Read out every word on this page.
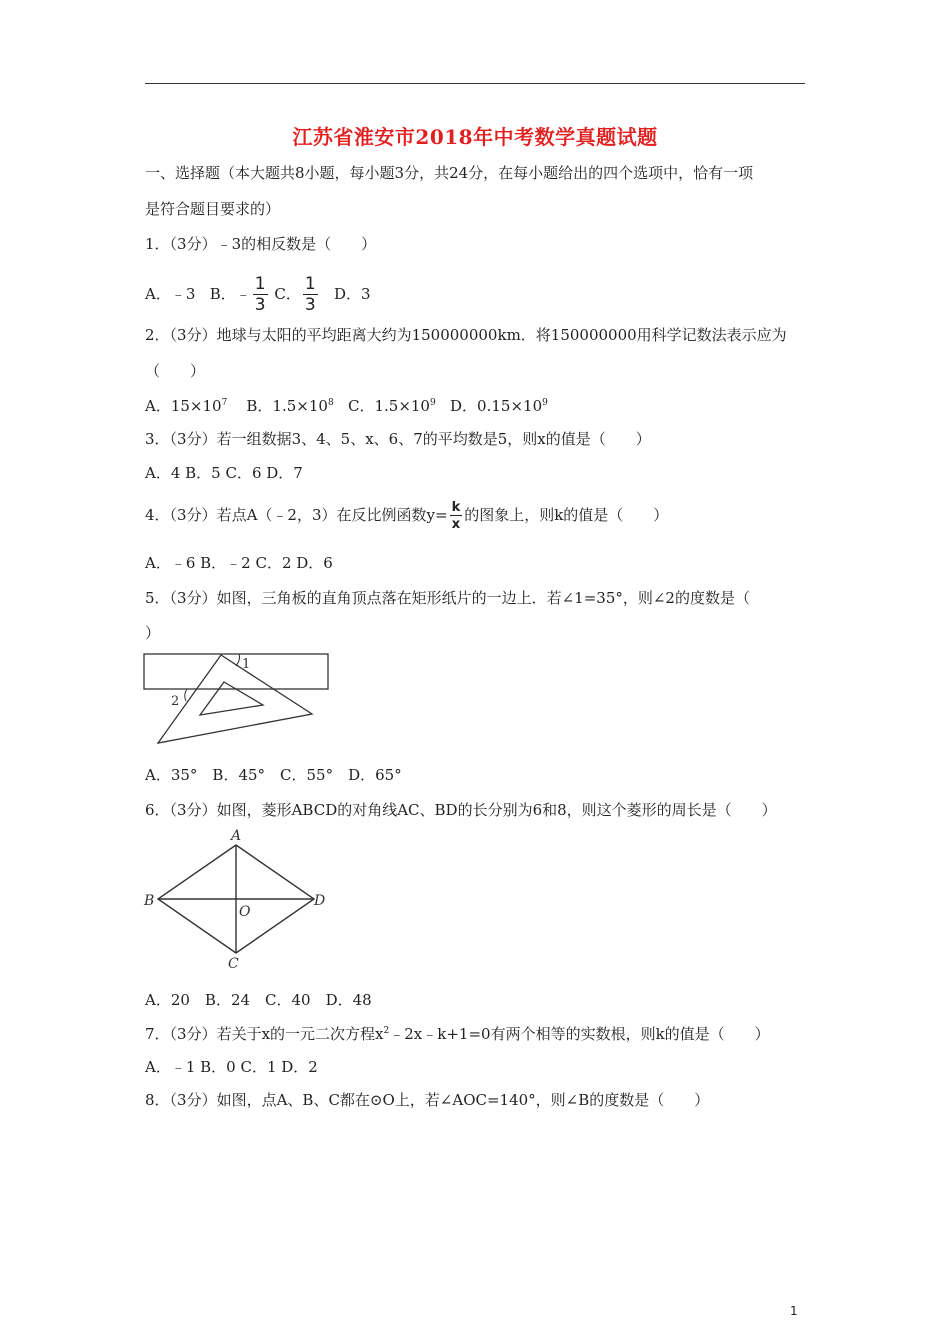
江苏省淮安市2018年中考数学真题试题
一、选择题（本大题共8小题，每小题3分，共24分，在每小题给出的四个选项中，恰有一项
是符合题目要求的）
1．（3分）﹣3的相反数是（　　）
A．﹣3 B．﹣ $\frac{1}{3}$ C． $\frac{1}{3}$ D．3
2．（3分）地球与太阳的平均距离大约为150000000km．将150000000用科学记数法表示应为
（　　）
A．$15\times 10^7$ B．$1.5\times 10^8$ C．$1.5\times 10^9$ D．$0.15\times 10^9$
3．（3分）若一组数据3、4、5、x、6、7的平均数是5，则x的值是（　　）
A．4 B．5 C．6 D．7
4．（3分）若点A（﹣2，3）在反比例函数$y= \frac{k}{x}$ 的图象上，则k的值是（　　）
A．﹣6 B．﹣2 C．2 D．6
5．（3分）如图，三角板的直角顶点落在矩形纸片的一边上．若∠1=35°，则∠2的度数是（
）
1
2
A．35°　B．45°　C．55°　D．65°
6．（3分）如图，菱形ABCD的对角线AC、BD的长分别为6和8，则这个菱形的周长是（　　）
A
B	D
O
C
A．20　B．24　C．40　D．48
7．（3分）若关于x的一元二次方程$x^2﹣2x﹣k+1=0$有两个相等的实数根，则k的值是（　　）
A．﹣1 B．0 C．1 D．2
8．（3分）如图，点A、B、C都在⊙O上，若∠AOC=140°，则∠B的度数是（　　）
1
